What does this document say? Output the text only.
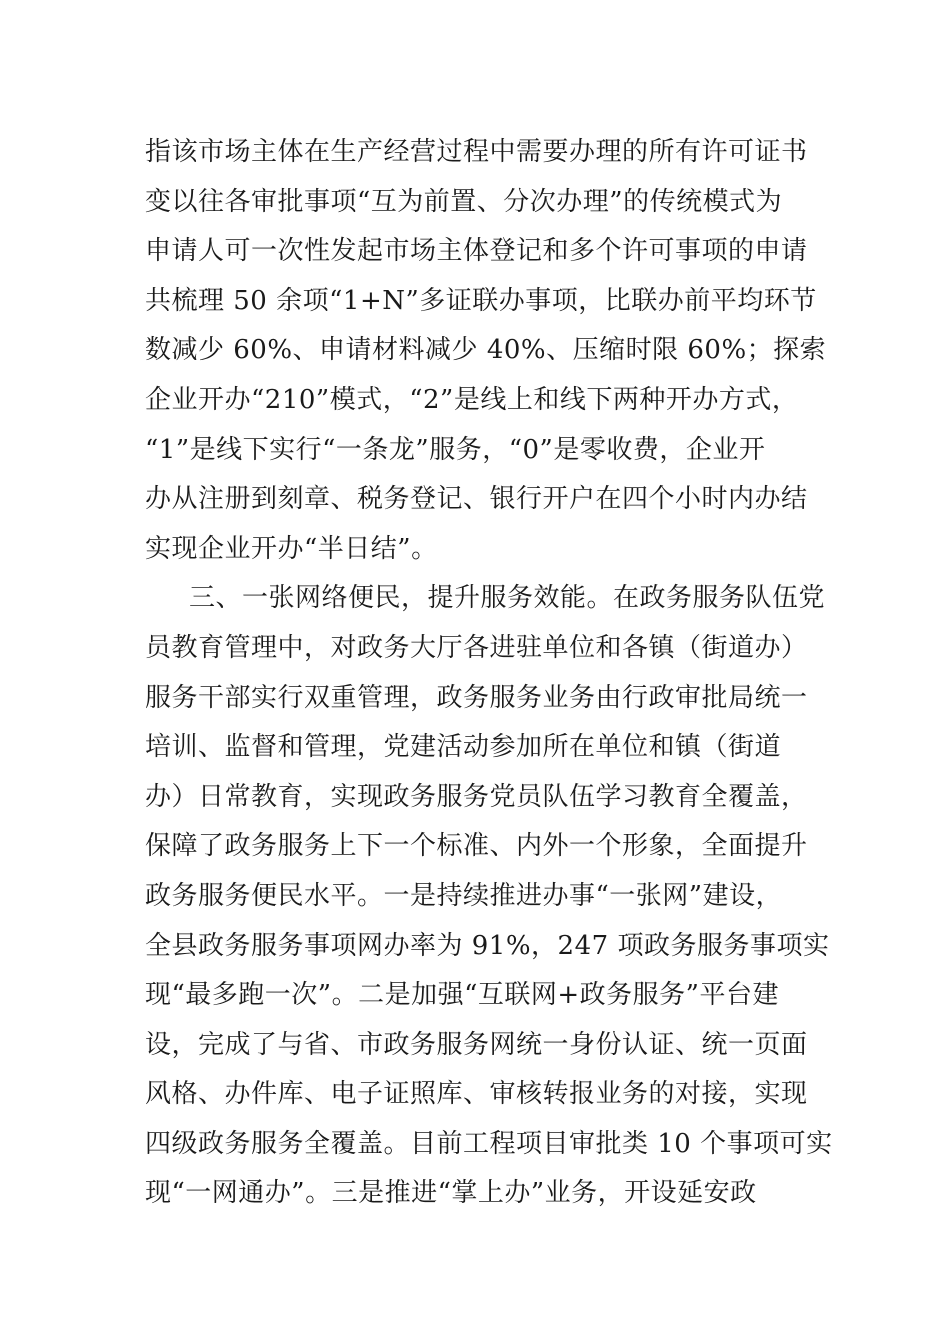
指该市场主体在生产经营过程中需要办理的所有许可证书
变以往各审批事项“互为前置、分次办理”的传统模式为
申请人可一次性发起市场主体登记和多个许可事项的申请
共梳理 50 余项“1+N”多证联办事项，比联办前平均环节
数减少 60%、申请材料减少 40%、压缩时限 60%；探索
企业开办“210”模式，“2”是线上和线下两种开办方式，
“1”是线下实行“一条龙”服务，“0”是零收费，企业开
办从注册到刻章、税务登记、银行开户在四个小时内办结
实现企业开办“半日结”。
三、一张网络便民，提升服务效能。在政务服务队伍党
员教育管理中，对政务大厅各进驻单位和各镇（街道办）
服务干部实行双重管理，政务服务业务由行政审批局统一
培训、监督和管理，党建活动参加所在单位和镇（街道
办）日常教育，实现政务服务党员队伍学习教育全覆盖，
保障了政务服务上下一个标准、内外一个形象，全面提升
政务服务便民水平。一是持续推进办事“一张网”建设，
全县政务服务事项网办率为 91%，247 项政务服务事项实
现“最多跑一次”。二是加强“互联网+政务服务”平台建
设，完成了与省、市政务服务网统一身份认证、统一页面
风格、办件库、电子证照库、审核转报业务的对接，实现
四级政务服务全覆盖。目前工程项目审批类 10 个事项可实
现“一网通办”。三是推进“掌上办”业务，开设延安政
